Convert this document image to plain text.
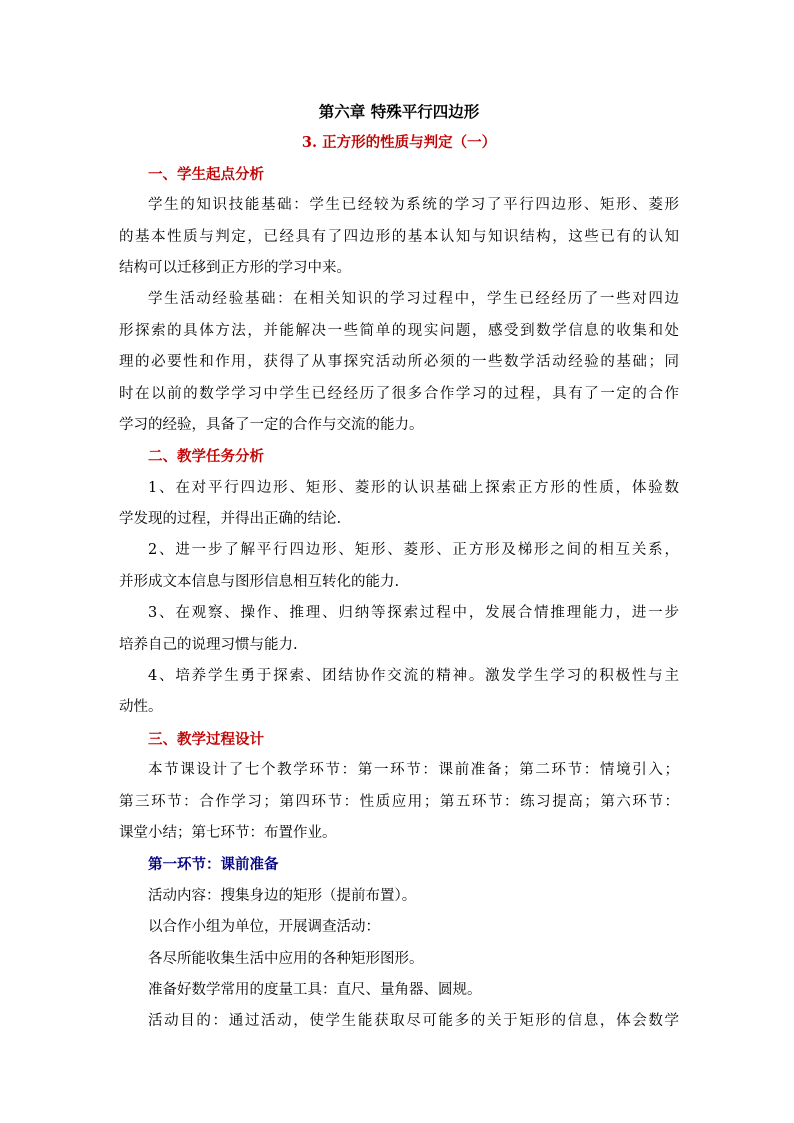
第六章 特殊平行四边形
3. 正方形的性质与判定（一）
一、学生起点分析
学生的知识技能基础：学生已经较为系统的学习了平行四边形、矩形、菱形
的基本性质与判定，已经具有了四边形的基本认知与知识结构，这些已有的认知
结构可以迁移到正方形的学习中来。
学生活动经验基础：在相关知识的学习过程中，学生已经经历了一些对四边
形探索的具体方法，并能解决一些简单的现实问题，感受到数学信息的收集和处
理的必要性和作用，获得了从事探究活动所必须的一些数学活动经验的基础；同
时在以前的数学学习中学生已经经历了很多合作学习的过程，具有了一定的合作
学习的经验，具备了一定的合作与交流的能力。
二、教学任务分析
1、在对平行四边形、矩形、菱形的认识基础上探索正方形的性质，体验数
学发现的过程，并得出正确的结论.
2、进一步了解平行四边形、矩形、菱形、正方形及梯形之间的相互关系，
并形成文本信息与图形信息相互转化的能力.
3、在观察、操作、推理、归纳等探索过程中，发展合情推理能力，进一步
培养自己的说理习惯与能力.
4、培养学生勇于探索、团结协作交流的精神。激发学生学习的积极性与主
动性。
三、教学过程设计
本节课设计了七个教学环节：第一环节：课前准备；第二环节：情境引入；
第三环节：合作学习；第四环节：性质应用；第五环节：练习提高；第六环节：
课堂小结；第七环节：布置作业。
第一环节：课前准备
活动内容：搜集身边的矩形（提前布置）。
以合作小组为单位，开展调查活动：
各尽所能收集生活中应用的各种矩形图形。
准备好数学常用的度量工具：直尺、量角器、圆规。
活动目的：通过活动，使学生能获取尽可能多的关于矩形的信息，体会数学
